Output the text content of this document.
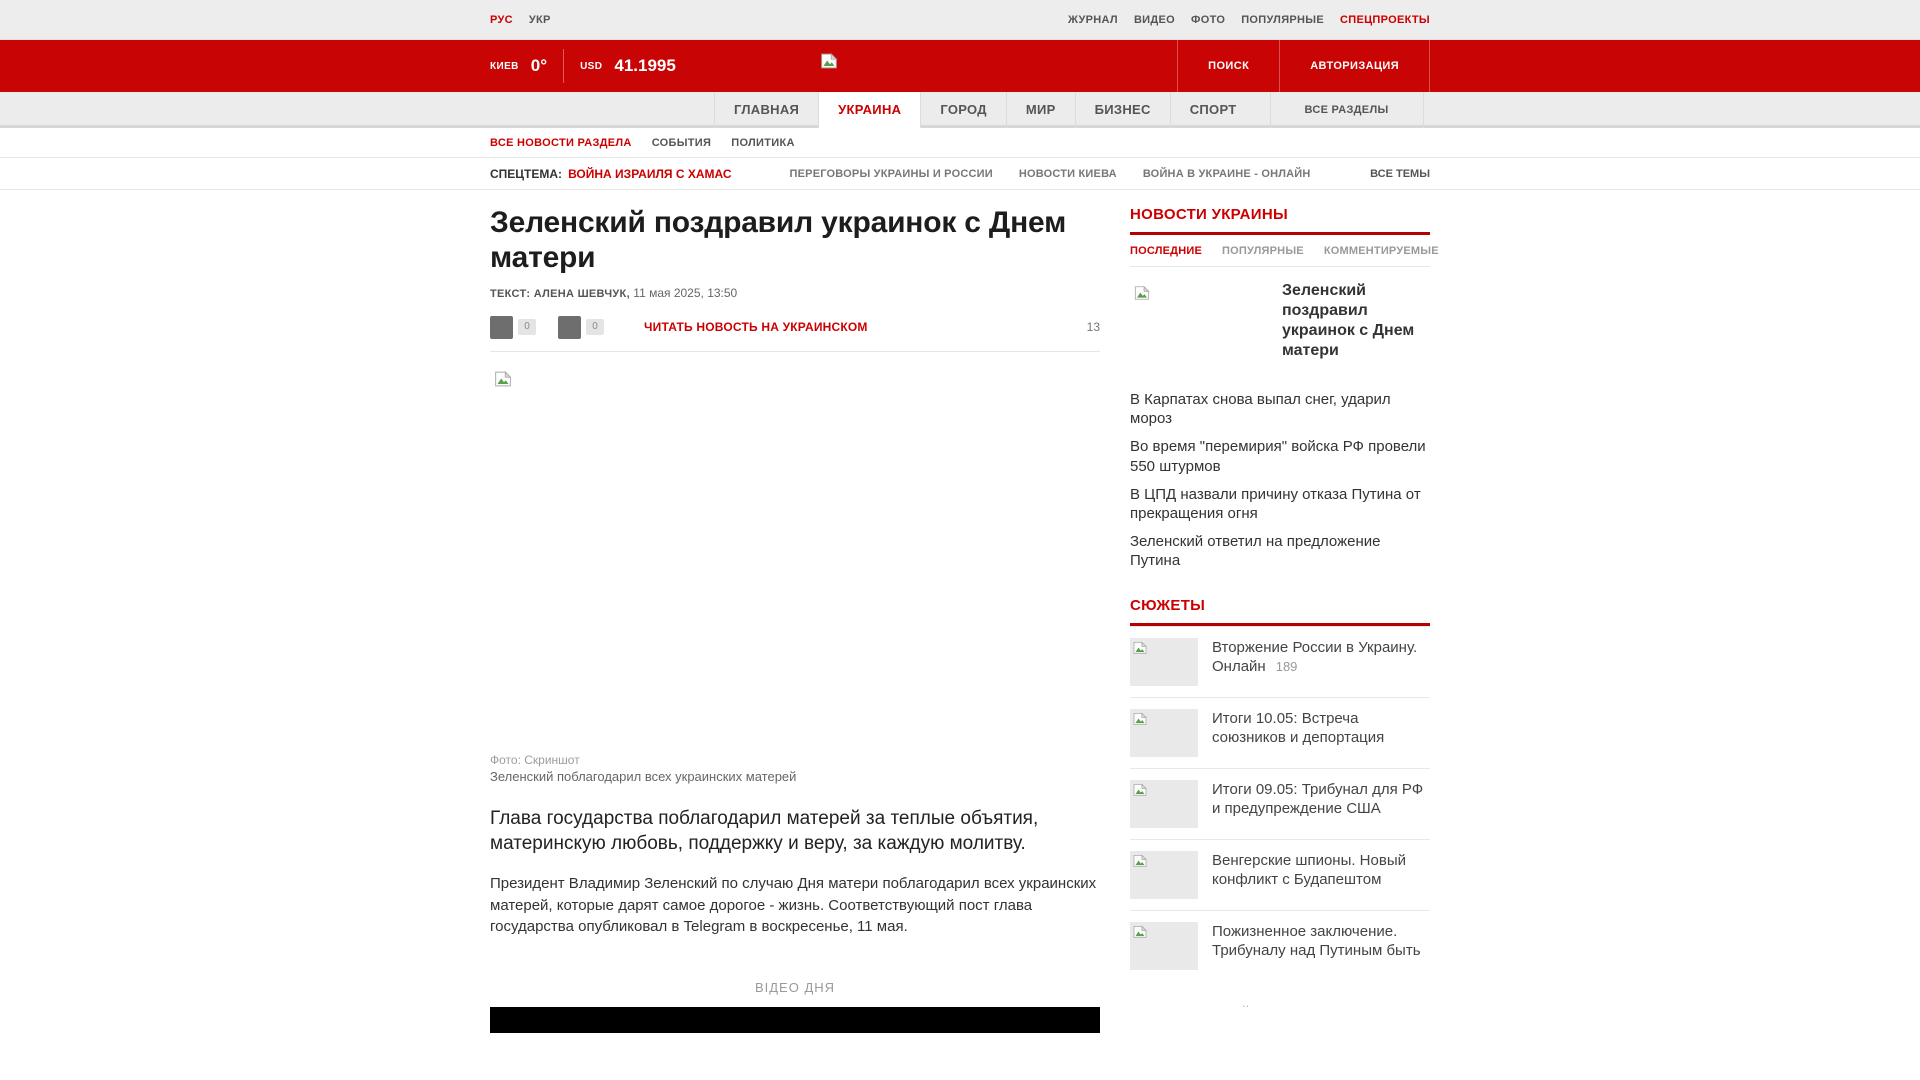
РУС УКР	ЖУРНАЛ ВИДЕО ФОТО ПОПУЛЯРНЫЕ СПЕЦПРОЕКТЫ
КИЕВ 0°	USD 41.1995	ПОИСК	АВТОРИЗАЦИЯ
ГЛАВНАЯ	УКРАИНА	ГОРОД	МИР	БИЗНЕС	СПОРТ	ВСЕ РАЗДЕЛЫ
ВСЕ НОВОСТИ РАЗДЕЛА СОБЫТИЯ ПОЛИТИКА
СПЕЦТЕМА: ВОЙНА ИЗРАИЛЯ С ХАМАС	ПЕРЕГОВОРЫ УКРАИНЫ И РОССИИ НОВОСТИ КИЕВА ВОЙНА В УКРАИНЕ - ОНЛАЙН	ВСЕ ТЕМЫ
Зеленский поздравил украинок с Днем матери
ТЕКСТ: АЛЕНА ШЕВЧУК, 11 мая 2025, 13:50
0	0	ЧИТАТЬ НОВОСТЬ НА УКРАИНСКОМ	13
Фото: Скриншот
Зеленский поблагодарил всех украинских матерей

Глава государства поблагодарил матерей за теплые объятия, материнскую любовь, поддержку и веру, за каждую молитву.

Президент Владимир Зеленский по случаю Дня матери поблагодарил всех украинских матерей, которые дарят самое дорогое - жизнь. Соответствующий пост глава государства опубликовал в Telegram в воскресенье, 11 мая.

ВІДЕО ДНЯ
НОВОСТИ УКРАИНЫ
ПОСЛЕДНИЕ ПОПУЛЯРНЫЕ КОММЕНТИРУЕМЫЕ
Зеленский поздравил украинок с Днем матери
В Карпатах снова выпал снег, ударил мороз
Во время "перемирия" войска РФ провели 550 штурмов
В ЦПД назвали причину отказа Путина от прекращения огня
Зеленский ответил на предложение Путина
СЮЖЕТЫ
Вторжение России в Украину. Онлайн 189
Итоги 10.05: Встреча союзников и депортация
Итоги 09.05: Трибунал для РФ и предупреждение США
Венгерские шпионы. Новый конфликт с Будапештом
Пожизненное заключение. Трибуналу над Путиным быть
..
